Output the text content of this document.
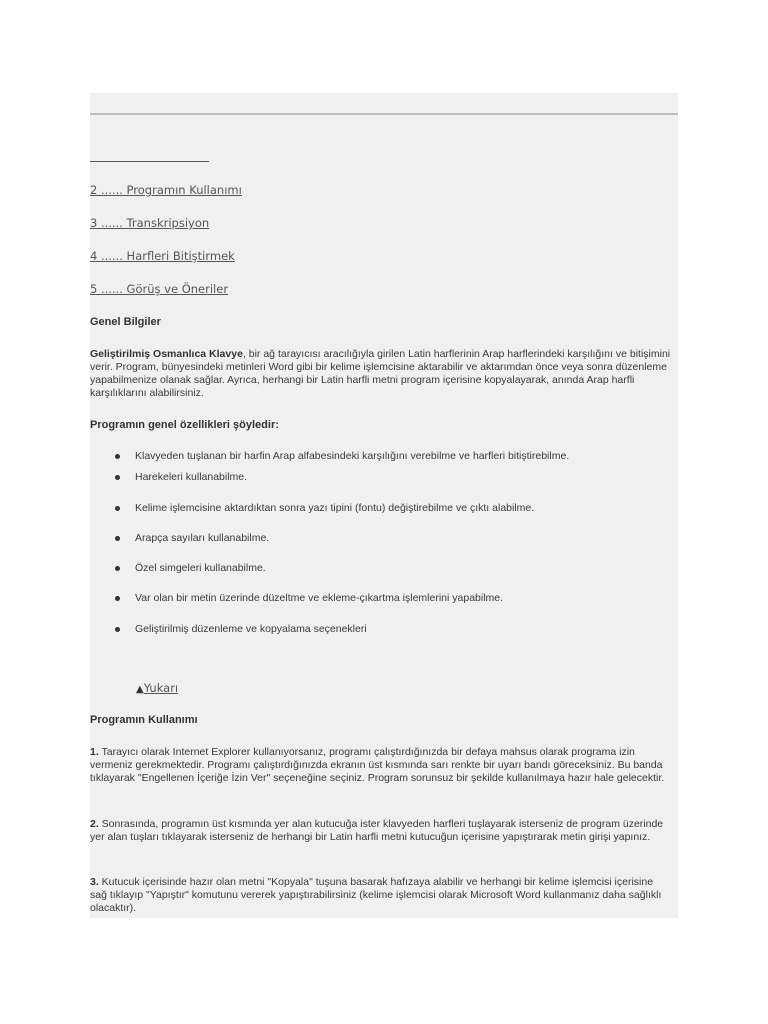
2 ...... Programın Kullanımı
3 ...... Transkripsiyon
4 ...... Harfleri Bitiştirmek
5 ...... Görüş ve Öneriler
Genel Bilgiler
Geliştirilmiş Osmanlıca Klavye, bir ağ tarayıcısı aracılığıyla girilen Latin harflerinin Arap harflerindeki karşılığını ve bitişimini verir. Program, bünyesindeki metinleri Word gibi bir kelime işlemcisine aktarabilir ve aktarımdan önce veya sonra düzenleme yapabilmenize olanak sağlar. Ayrıca, herhangi bir Latin harfli metni program içerisine kopyalayarak, anında Arap harfli karşılıklarını alabilirsiniz.
Programın genel özellikleri şöyledir:
Klavyeden tuşlanan bir harfin Arap alfabesindeki karşılığını verebilme ve harfleri bitiştirebilme.
Harekeleri kullanabilme.
Kelime işlemcisine aktardıktan sonra yazı tipini (fontu) değiştirebilme ve çıktı alabilme.
Arapça sayıları kullanabilme.
Özel simgeleri kullanabilme.
Var olan bir metin üzerinde düzeltme ve ekleme-çıkartma işlemlerini yapabilme.
Geliştirilmiş düzenleme ve kopyalama seçenekleri
▲Yukarı
Programın Kullanımı
1. Tarayıcı olarak Internet Explorer kullanıyorsanız, programı çalıştırdığınızda bir defaya mahsus olarak programa izin vermeniz gerekmektedir. Programı çalıştırdığınızda ekranın üst kısmında sarı renkte bir uyarı bandı göreceksiniz. Bu banda tıklayarak "Engellenen İçeriğe İzin Ver" seçeneğine seçiniz. Program sorunsuz bir şekilde kullanılmaya hazır hale gelecektir.
2. Sonrasında, programın üst kısmında yer alan kutucuğa ister klavyeden harfleri tuşlayarak isterseniz de program üzerinde yer alan tuşları tıklayarak isterseniz de herhangi bir Latin harfli metni kutucuğun içerisine yapıştırarak metin girişi yapınız.
3. Kutucuk içerisinde hazır olan metni "Kopyala" tuşuna basarak hafızaya alabilir ve herhangi bir kelime işlemcisi içerisine sağ tıklayıp "Yapıştır" komutunu vererek yapıştırabilirsiniz (kelime işlemcisi olarak Microsoft Word kullanmanız daha sağlıklı olacaktır).
